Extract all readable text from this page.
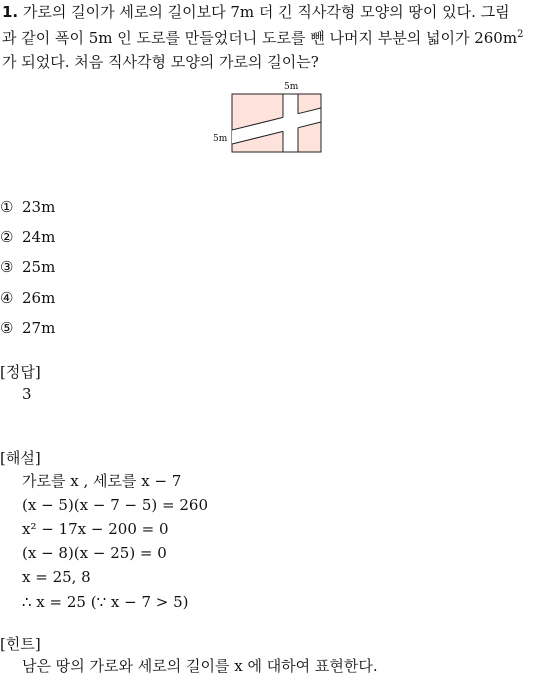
1. 가로의 길이가 세로의 길이보다 7m 더 긴 직사각형 모양의 땅이 있다. 그림
과 같이 폭이 5m 인 도로를 만들었더니 도로를 뺀 나머지 부분의 넓이가 $260m^2$
가 되었다. 처음 직사각형 모양의 가로의 길이는?
5m
5m
① 23m
② 24m
③ 25m
④ 26m
⑤ 27m
[정답]
3
[해설]
가로를 x , 세로를 x − 7
(x − 5)(x − 7 − 5) = 260
x² − 17x − 200 = 0
(x − 8)(x − 25) = 0
x = 25, 8
∴ x = 25 (∵ x − 7 > 5)
[힌트]
남은 땅의 가로와 세로의 길이를 x 에 대하여 표현한다.
